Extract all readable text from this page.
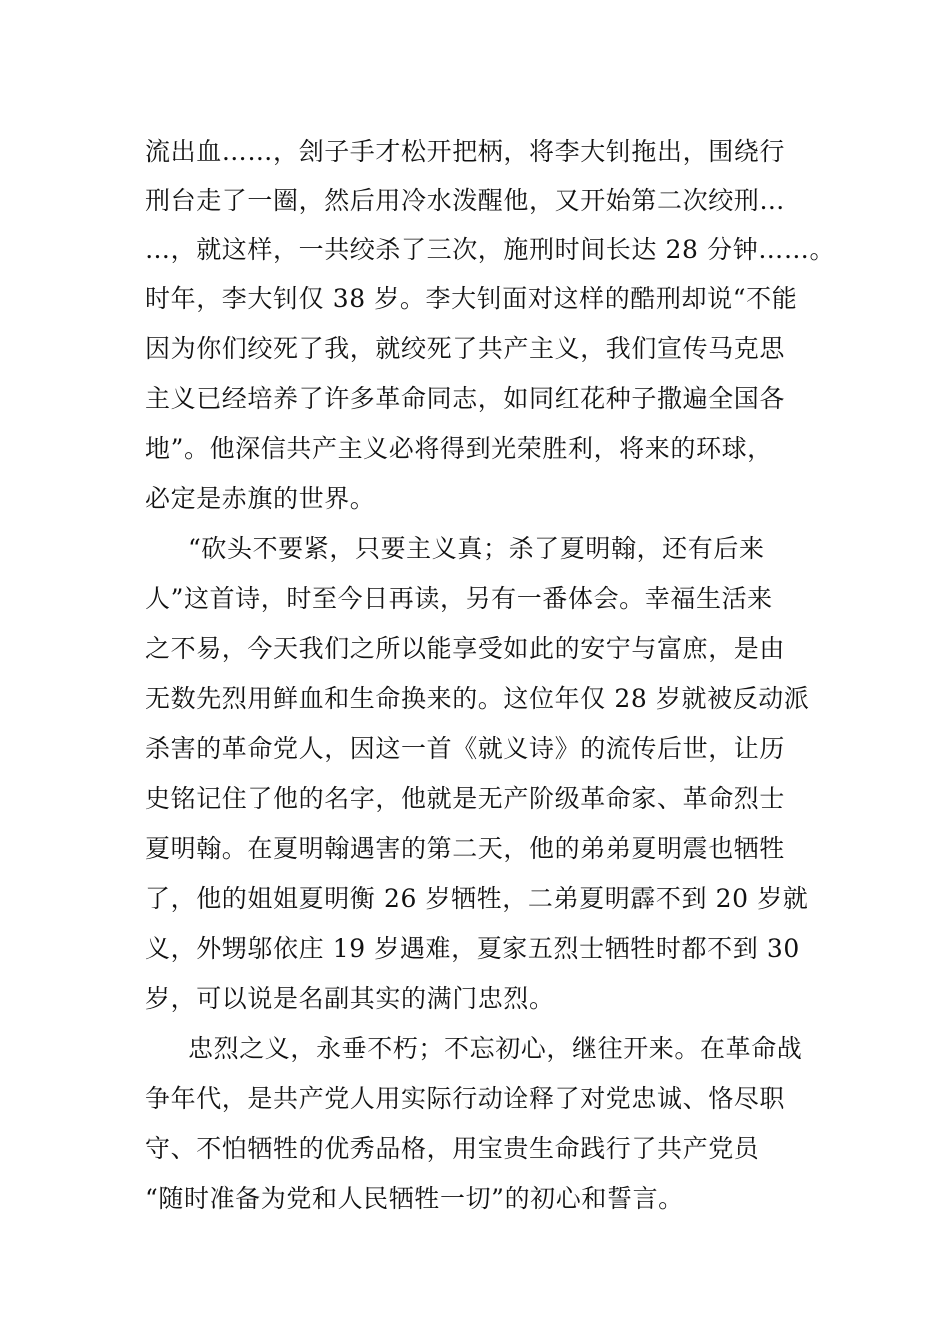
流出血……，刽子手才松开把柄，将李大钊拖出，围绕行
刑台走了一圈，然后用冷水泼醒他，又开始第二次绞刑…
…，就这样，一共绞杀了三次，施刑时间长达 28 分钟……。
时年，李大钊仅 38 岁。李大钊面对这样的酷刑却说“不能
因为你们绞死了我，就绞死了共产主义，我们宣传马克思
主义已经培养了许多革命同志，如同红花种子撒遍全国各
地”。他深信共产主义必将得到光荣胜利，将来的环球，
必定是赤旗的世界。
“砍头不要紧，只要主义真；杀了夏明翰，还有后来
人”这首诗，时至今日再读，另有一番体会。幸福生活来
之不易，今天我们之所以能享受如此的安宁与富庶，是由
无数先烈用鲜血和生命换来的。这位年仅 28 岁就被反动派
杀害的革命党人，因这一首《就义诗》的流传后世，让历
史铭记住了他的名字，他就是无产阶级革命家、革命烈士
夏明翰。在夏明翰遇害的第二天，他的弟弟夏明震也牺牲
了，他的姐姐夏明衡 26 岁牺牲，二弟夏明霹不到 20 岁就
义，外甥邬依庄 19 岁遇难，夏家五烈士牺牲时都不到 30
岁，可以说是名副其实的满门忠烈。
忠烈之义，永垂不朽；不忘初心，继往开来。在革命战
争年代，是共产党人用实际行动诠释了对党忠诚、恪尽职
守、不怕牺牲的优秀品格，用宝贵生命践行了共产党员
“随时准备为党和人民牺牲一切”的初心和誓言。
